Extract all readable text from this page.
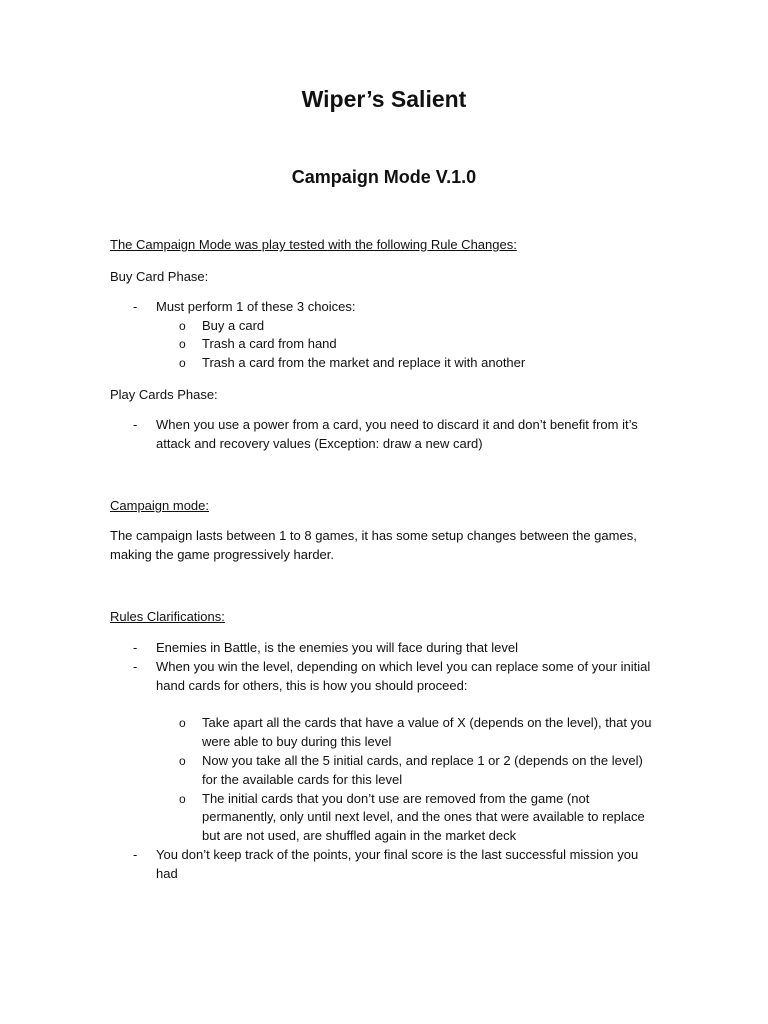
Wiper’s Salient
Campaign Mode V.1.0
The Campaign Mode was play tested with the following Rule Changes:
Buy Card Phase:
- Must perform 1 of these 3 choices:
o Buy a card
o Trash a card from hand
o Trash a card from the market and replace it with another
Play Cards Phase:
- When you use a power from a card, you need to discard it and don’t benefit from it’s
attack and recovery values (Exception: draw a new card)
Campaign mode:
The campaign lasts between 1 to 8 games, it has some setup changes between the games,
making the game progressively harder.
Rules Clarifications:
- Enemies in Battle, is the enemies you will face during that level
- When you win the level, depending on which level you can replace some of your initial
hand cards for others, this is how you should proceed:
o Take apart all the cards that have a value of X (depends on the level), that you
were able to buy during this level
o Now you take all the 5 initial cards, and replace 1 or 2 (depends on the level)
for the available cards for this level
o The initial cards that you don’t use are removed from the game (not
permanently, only until next level, and the ones that were available to replace
but are not used, are shuffled again in the market deck
- You don’t keep track of the points, your final score is the last successful mission you
had
